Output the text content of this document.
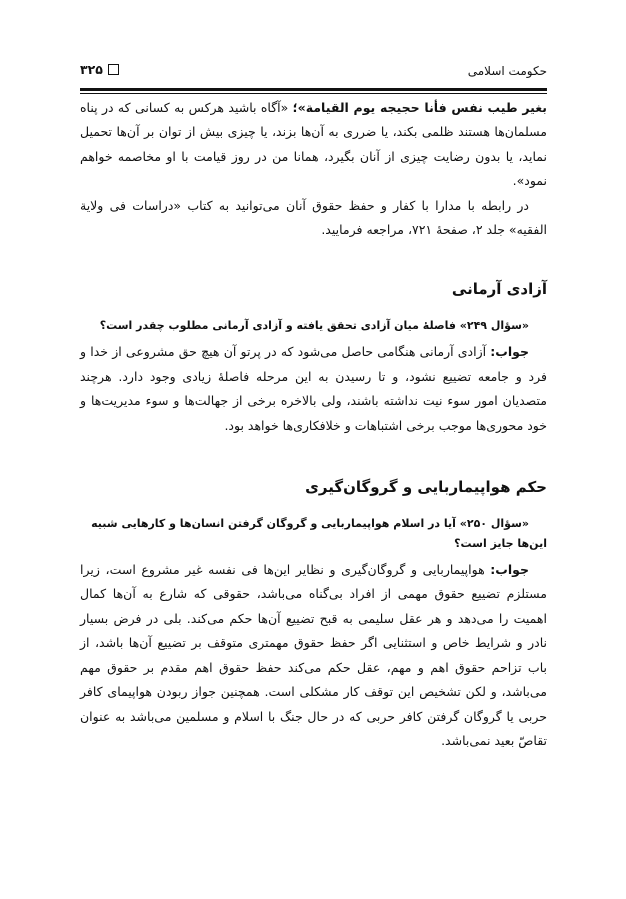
حکومت اسلامی
۳۲۵

بغیر طیب نفس فأنا حجیجه یوم القیامة»؛ «آگاه باشید هرکس به کسانی که در پناه مسلمان‌ها هستند ظلمی بکند، یا ضرری به آن‌ها بزند، یا چیزی بیش از توان بر آن‌ها تحمیل نماید، یا بدون رضایت چیزی از آنان بگیرد، همانا من در روز قیامت با او مخاصمه خواهم نمود».

در رابطه با مدارا با کفار و حفظ حقوق آنان می‌توانید به کتاب «دراسات فی ولایة الفقیه» جلد ۲، صفحهٔ ۷۲۱، مراجعه فرمایید.

آزادی آرمانی
«سؤال ۲۴۹» فاصلهٔ میان آزادی تحقق یافته و آزادی آرمانی مطلوب چقدر است؟

جواب: آزادی آرمانی هنگامی حاصل می‌شود که در پرتو آن هیچ حق مشروعی از خدا و فرد و جامعه تضییع نشود، و تا رسیدن به این مرحله فاصلهٔ زیادی وجود دارد. هرچند متصدیان امور سوء نیت نداشته باشند، ولی بالاخره برخی از جهالت‌ها و سوء مدیریت‌ها و خود محوری‌ها موجب برخی اشتباهات و خلافکاری‌ها خواهد بود.

حکم هواپیماربایی و گروگان‌گیری
«سؤال ۲۵۰» آیا در اسلام هواپیماربایی و گروگان گرفتن انسان‌ها و کارهایی شبیه این‌ها جایز است؟

جواب: هواپیماربایی و گروگان‌گیری و نظایر این‌ها فی نفسه غیر مشروع است، زیرا مستلزم تضییع حقوق مهمی از افراد بی‌گناه می‌باشد، حقوقی که شارع به آن‌ها کمال اهمیت را می‌دهد و هر عقل سلیمی به قبح تضییع آن‌ها حکم می‌کند. بلی در فرض بسیار نادر و شرایط خاص و استثنایی اگر حفظ حقوق مهمتری متوقف بر تضییع آن‌ها باشد، از باب تزاحم حقوق اهم و مهم، عقل حکم می‌کند حفظ حقوق اهم مقدم بر حقوق مهم می‌باشد، و لکن تشخیص این توقف کار مشکلی است. همچنین جواز ربودن هواپیمای کافر حربی یا گروگان گرفتن کافر حربی که در حال جنگ با اسلام و مسلمین می‌باشد به عنوان تقاصّ بعید نمی‌باشد.
